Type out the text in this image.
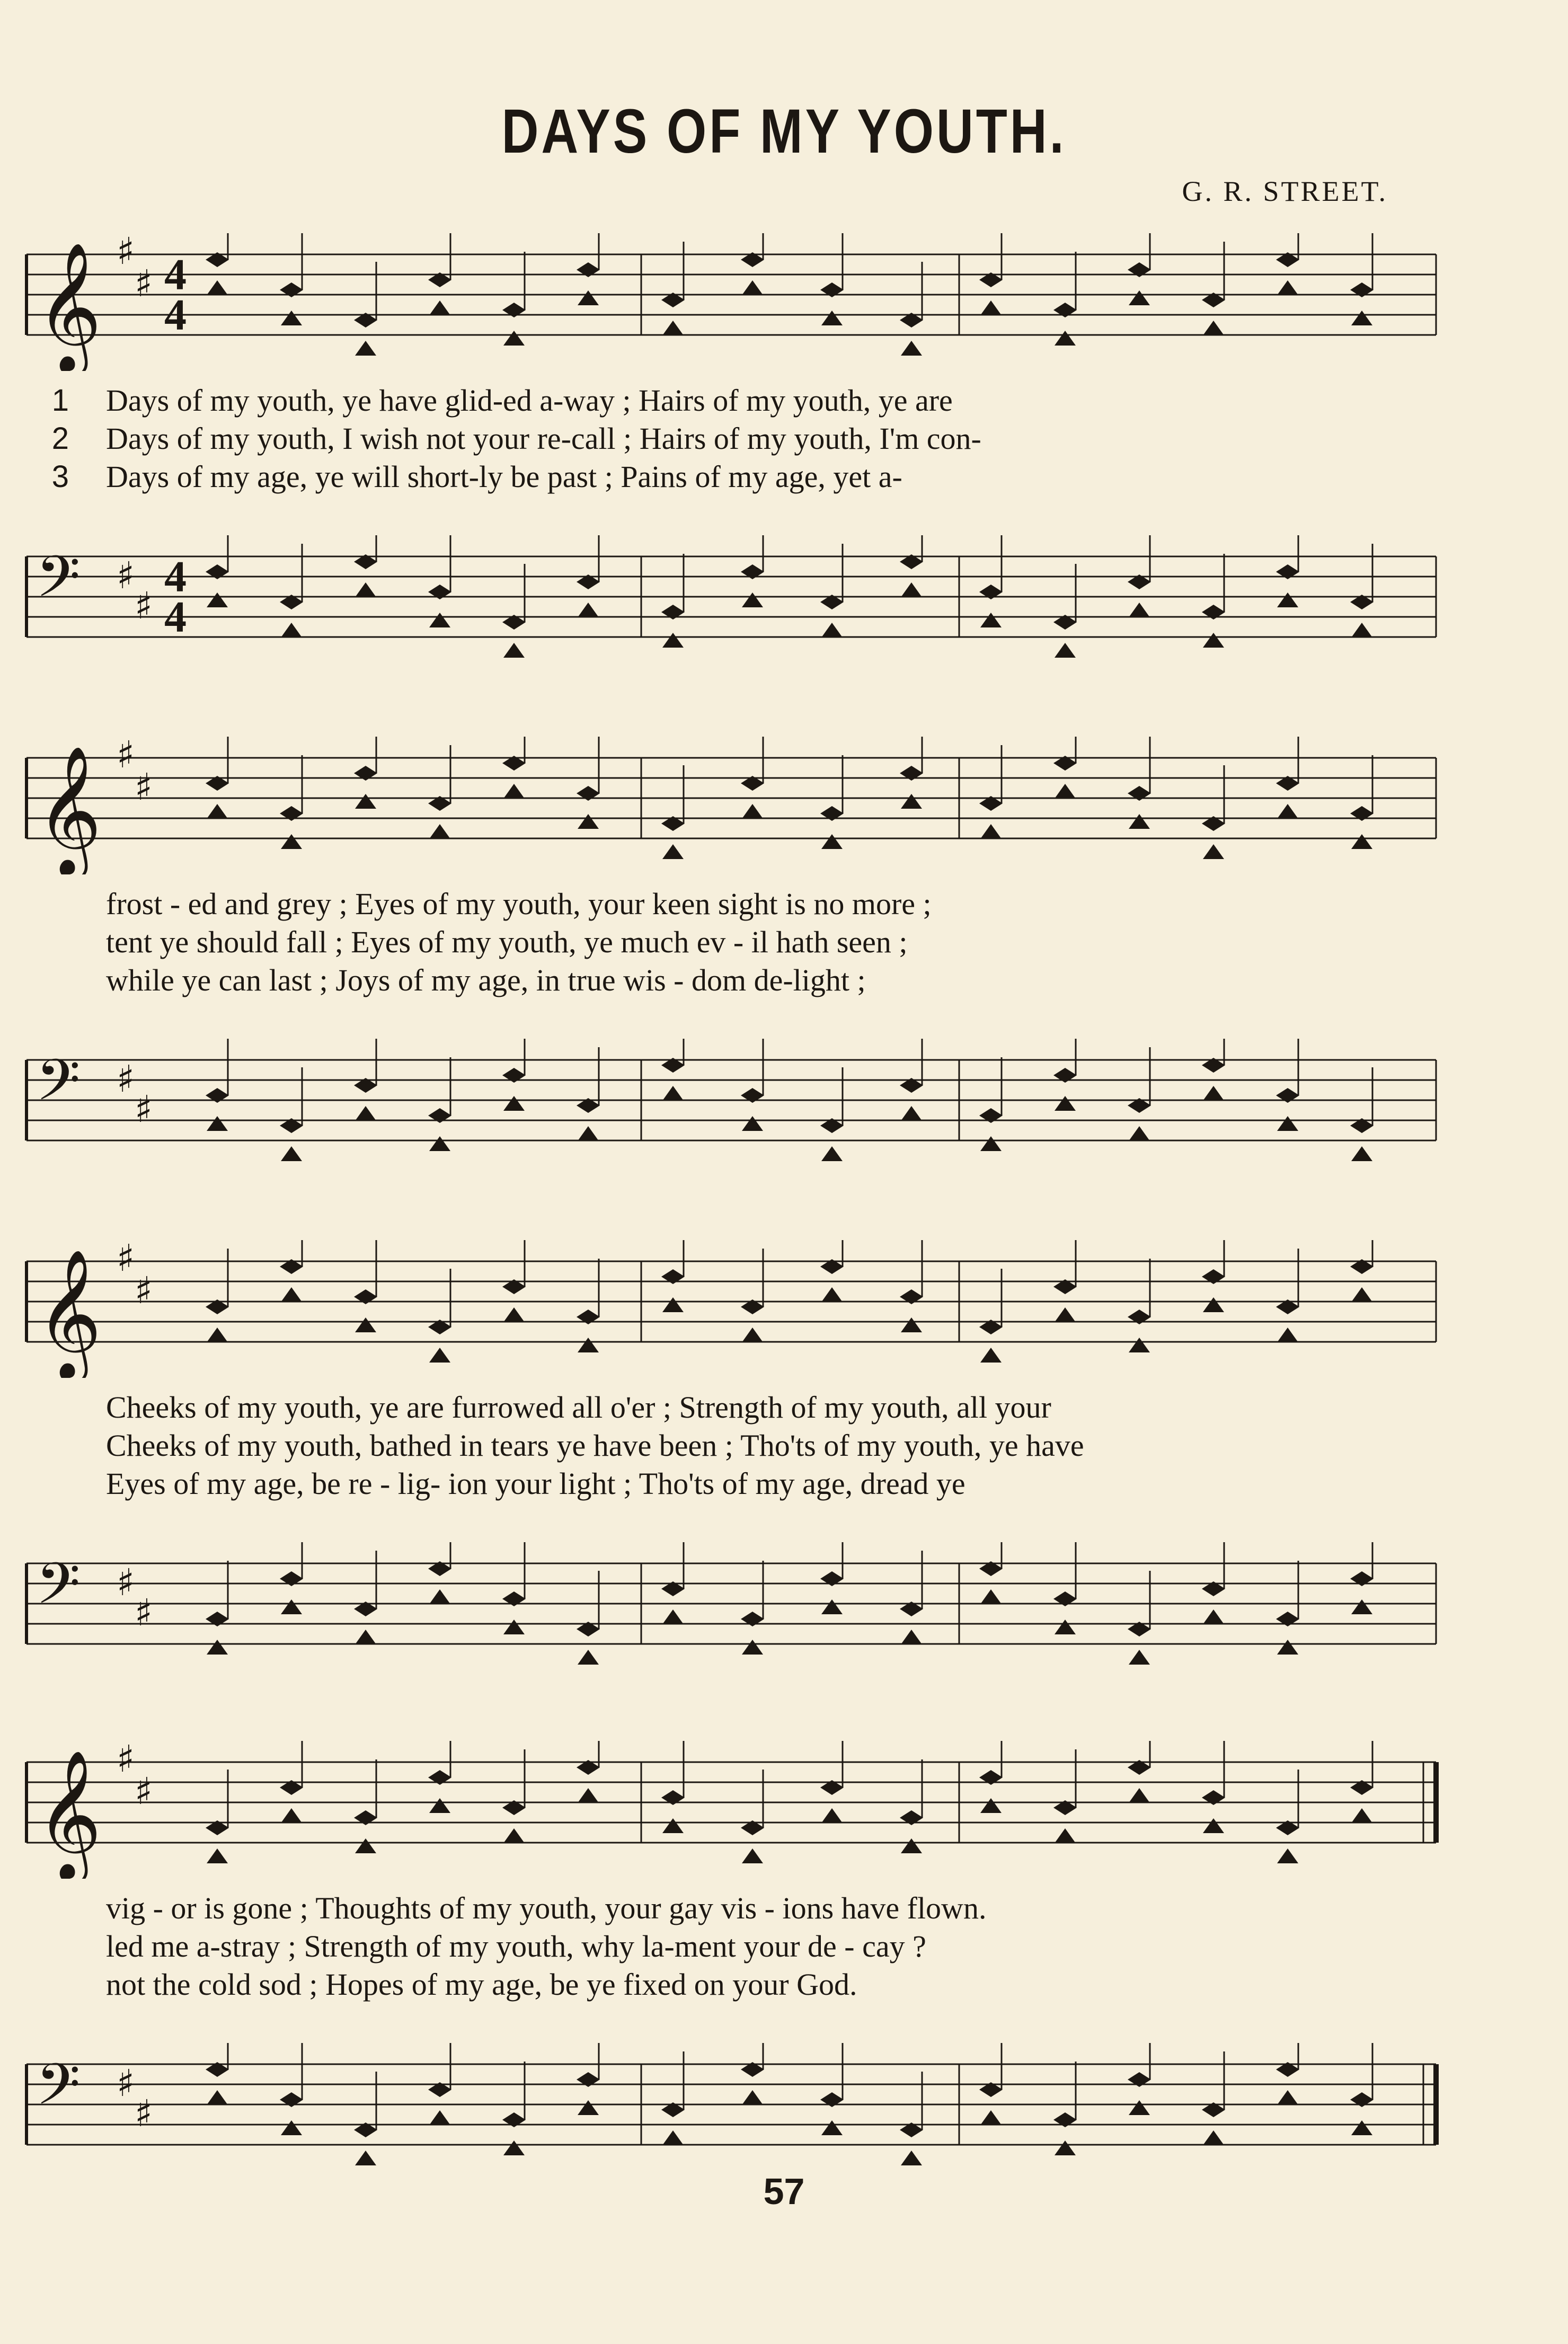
DAYS OF MY YOUTH.
G. R. STREET.
𝄞 ♯
♯ 4
4
𝄢 ♯
♯
4
4
1 Days of my youth, ye have glid-ed a-way ; Hairs of my youth, ye are
2 Days of my youth, I wish not your re-call ; Hairs of my youth, I'm con-
3 Days of my age, ye will short-ly be past ; Pains of my age, yet a-
𝄞 ♯
♯
𝄢 ♯
♯
frost - ed and grey ; Eyes of my youth, your keen sight is no more ;
tent ye should fall ; Eyes of my youth, ye much ev - il hath seen ;
while ye can last ; Joys of my age, in true wis - dom de-light ;
𝄞 ♯
♯
𝄢 ♯
♯
Cheeks of my youth, ye are furrowed all o'er ; Strength of my youth, all your
Cheeks of my youth, bathed in tears ye have been ; Tho'ts of my youth, ye have
Eyes of my age, be re - lig- ion your light ; Tho'ts of my age, dread ye
𝄞 ♯
♯
𝄢 ♯
♯
vig - or is gone ; Thoughts of my youth, your gay vis - ions have flown.
led me a-stray ; Strength of my youth, why la-ment your de - cay ?
not the cold sod ; Hopes of my age, be ye fixed on your God.
57
